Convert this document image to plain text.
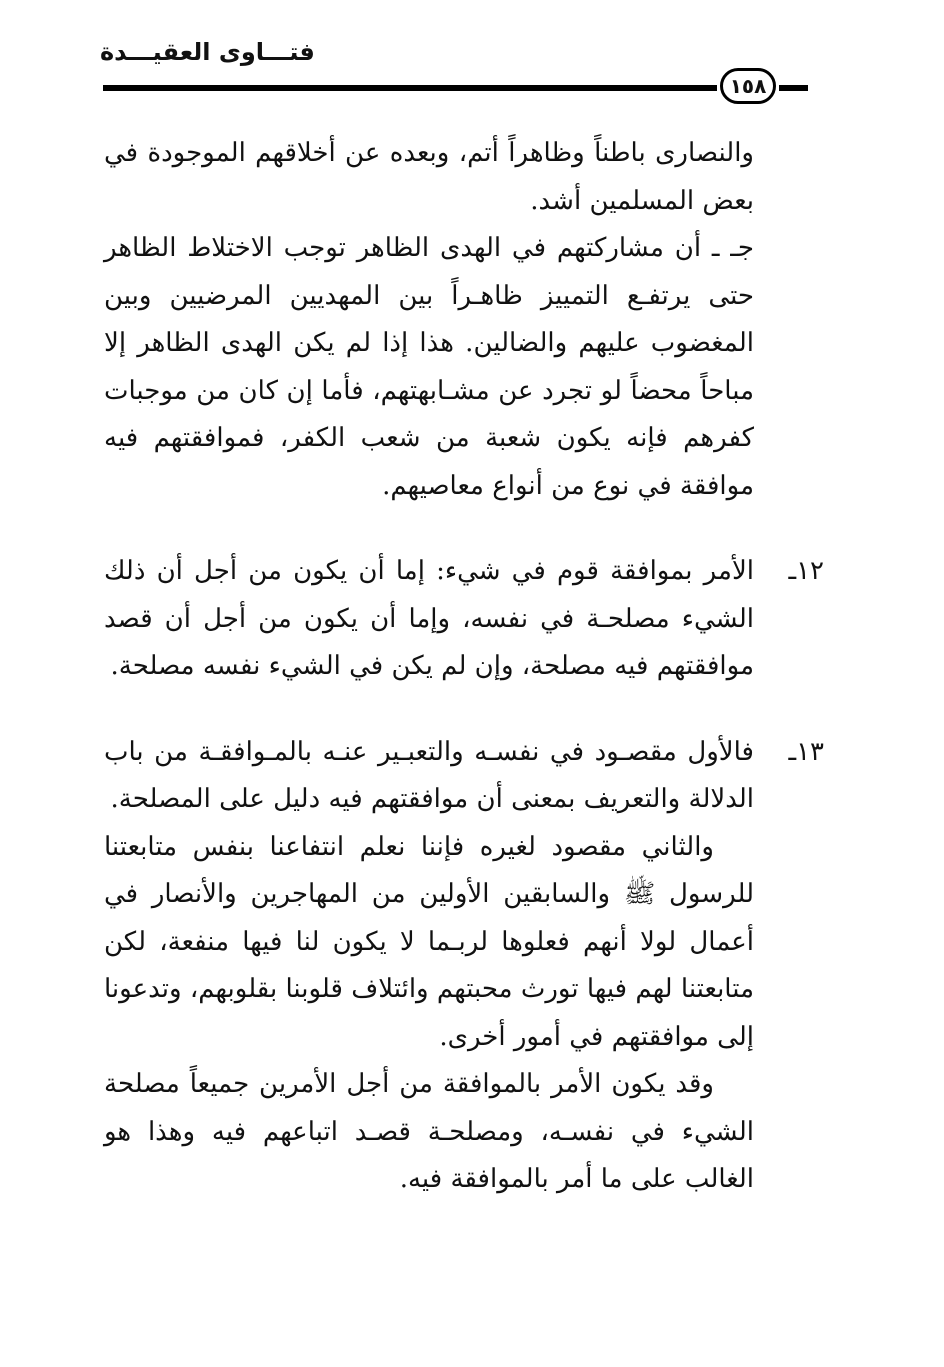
فتـــاوى العقيـــدة
١٥٨

والنصارى باطناً وظاهراً أتم، وبعده عن أخلاقهم الموجودة في بعض المسلمين أشد.

جـ ـ أن مشاركتهم في الهدى الظاهر توجب الاختلاط الظاهر حتى يرتفـع التمييز ظاهـراً بين المهديين المرضيين وبين المغضوب عليهم والضالين. هذا إذا لم يكن الهدى الظاهر إلا مباحاً محضاً لو تجرد عن مشـابهتهم، فأما إن كان من موجبات كفرهم فإنه يكون شعبة من شعب الكفر، فموافقتهم فيه موافقة في نوع من أنواع معاصيهم.

١٢ـ

الأمر بموافقة قوم في شيء: إما أن يكون من أجل أن ذلك الشيء مصلحـة في نفسه، وإما أن يكون من أجل أن قصد موافقتهم فيه مصلحة، وإن لم يكن في الشيء نفسه مصلحة.

١٣ـ

فالأول مقصـود في نفسـه والتعبـير عنـه بالمـوافقـة من باب الدلالة والتعريف بمعنى أن موافقتهم فيه دليل على المصلحة.

والثاني مقصود لغيره فإننا نعلم انتفاعنا بنفس متابعتنا للرسول ﷺ والسابقين الأولين من المهاجرين والأنصار في أعمال لولا أنهم فعلوها لربـما لا يكون لنا فيها منفعة، لكن متابعتنا لهم فيها تورث محبتهم وائتلاف قلوبنا بقلوبهم، وتدعونا إلى موافقتهم في أمور أخرى.

وقد يكون الأمر بالموافقة من أجل الأمرين جميعاً مصلحة الشيء في نفسـه، ومصلحـة قصـد اتباعهم فيه وهذا هو الغالب على ما أمر بالموافقة فيه.
